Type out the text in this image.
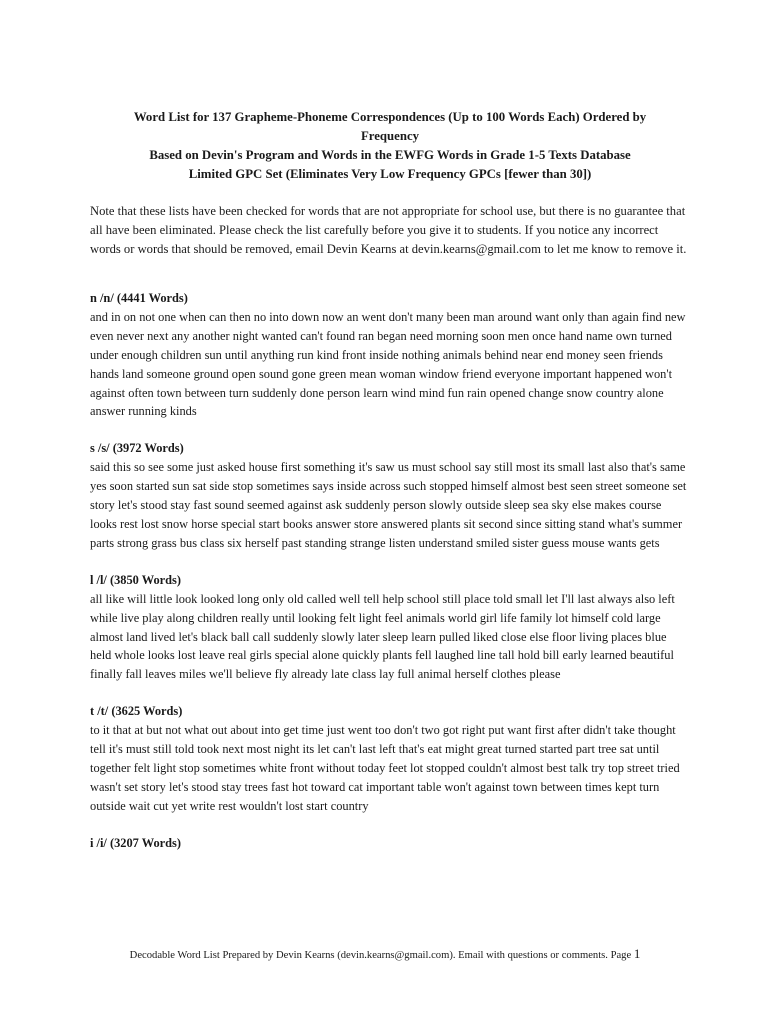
Word List for 137 Grapheme-Phoneme Correspondences (Up to 100 Words Each) Ordered by
Frequency
Based on Devin's Program and Words in the EWFG Words in Grade 1-5 Texts Database
Limited GPC Set (Eliminates Very Low Frequency GPCs [fewer than 30])
Note that these lists have been checked for words that are not appropriate for school use, but there is no guarantee that all have been eliminated. Please check the list carefully before you give it to students. If you notice any incorrect words or words that should be removed, email Devin Kearns at devin.kearns@gmail.com to let me know to remove it.
n /n/ (4441 Words)
and in on not one when can then no into down now an went don't many been man around want only than again find new even never next any another night wanted can't found ran began need morning soon men once hand name own turned under enough children sun until anything run kind front inside nothing animals behind near end money seen friends hands land someone ground open sound gone green mean woman window friend everyone important happened won't against often town between turn suddenly done person learn wind mind fun rain opened change snow country alone answer running kinds
s /s/ (3972 Words)
said this so see some just asked house first something it's saw us must school say still most its small last also that's same yes soon started sun sat side stop sometimes says inside across such stopped himself almost best seen street someone set story let's stood stay fast sound seemed against ask suddenly person slowly outside sleep sea sky else makes course looks rest lost snow horse special start books answer store answered plants sit second since sitting stand what's summer parts strong grass bus class six herself past standing strange listen understand smiled sister guess mouse wants gets
l /l/ (3850 Words)
all like will little look looked long only old called well tell help school still place told small let I'll last always also left while live play along children really until looking felt light feel animals world girl life family lot himself cold large almost land lived let's black ball call suddenly slowly later sleep learn pulled liked close else floor living places blue held whole looks lost leave real girls special alone quickly plants fell laughed line tall hold bill early learned beautiful finally fall leaves miles we'll believe fly already late class lay full animal herself clothes please
t /t/ (3625 Words)
to it that at but not what out about into get time just went too don't two got right put want first after didn't take thought tell it's must still told took next most night its let can't last left that's eat might great turned started part tree sat until together felt light stop sometimes white front without today feet lot stopped couldn't almost best talk try top street tried wasn't set story let's stood stay trees fast hot toward cat important table won't against town between times kept turn outside wait cut yet write rest wouldn't lost start country
i /i/ (3207 Words)
Decodable Word List Prepared by Devin Kearns (devin.kearns@gmail.com). Email with questions or comments. Page 1
